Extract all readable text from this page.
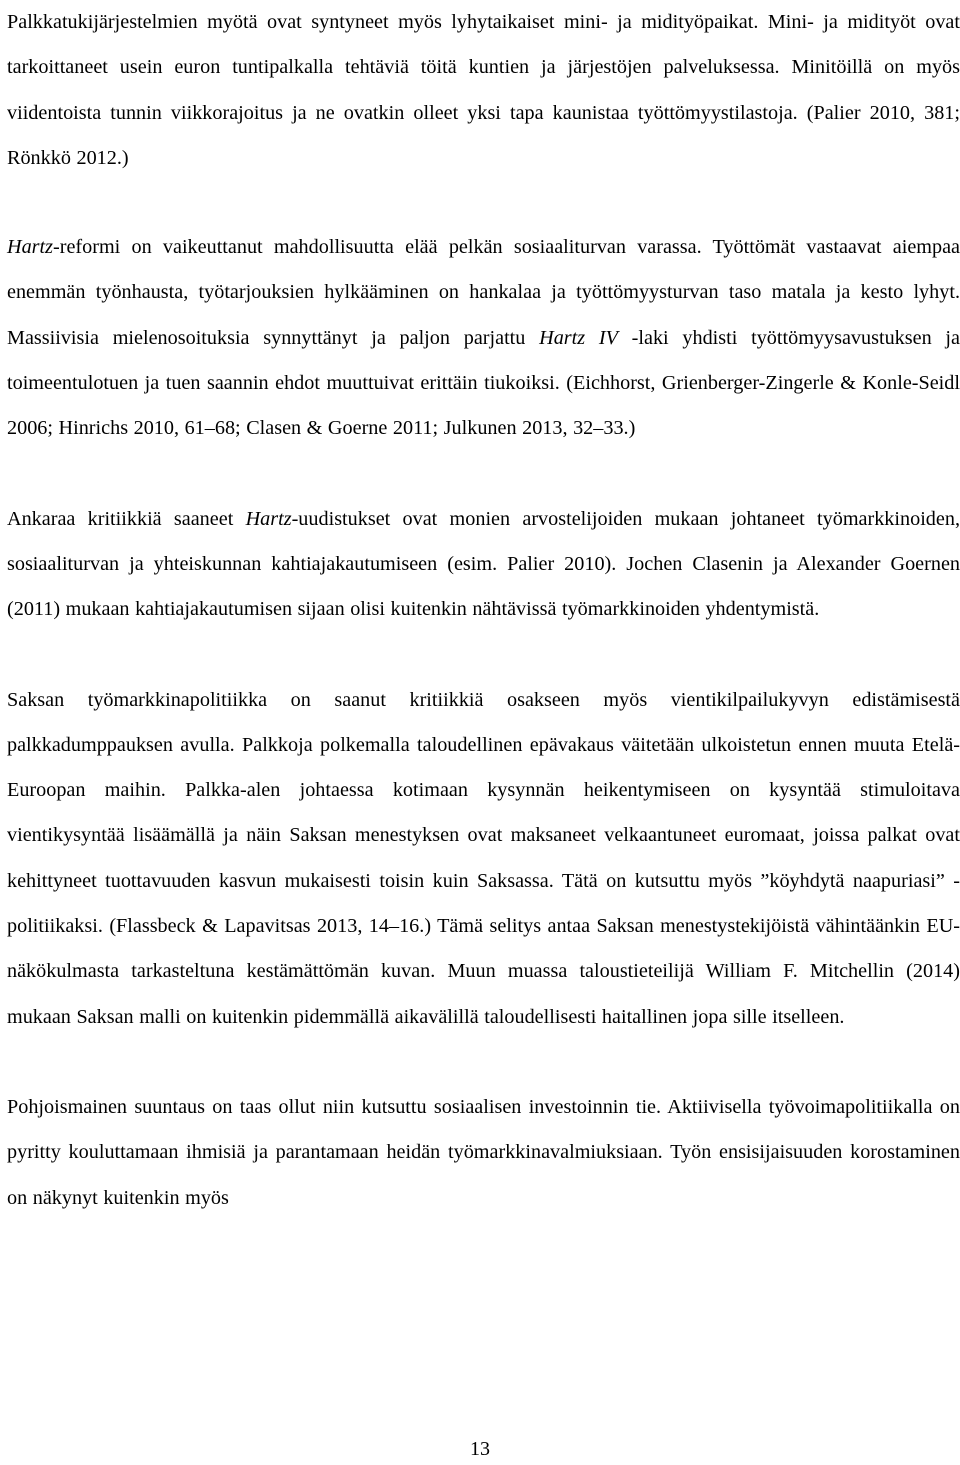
Palkkatukijärjestelmien myötä ovat syntyneet myös lyhytaikaiset mini- ja midityöpaikat. Mini- ja midityöt ovat tarkoittaneet usein euron tuntipalkalla tehtäviä töitä kuntien ja järjestöjen palveluksessa. Minitöillä on myös viidentoista tunnin viikkorajoitus ja ne ovatkin olleet yksi tapa kaunistaa työttömyystilastoja. (Palier 2010, 381; Rönkkö 2012.)

Hartz-reformi on vaikeuttanut mahdollisuutta elää pelkän sosiaaliturvan varassa. Työttömät vastaavat aiempaa enemmän työnhausta, työtarjouksien hylkääminen on hankalaa ja työttömyysturvan taso matala ja kesto lyhyt. Massiivisia mielenosoituksia synnyttänyt ja paljon parjattu Hartz IV -laki yhdisti työttömyysavustuksen ja toimeentulotuen ja tuen saannin ehdot muuttuivat erittäin tiukoiksi. (Eichhorst, Grienberger-Zingerle & Konle-Seidl 2006; Hinrichs 2010, 61–68; Clasen & Goerne 2011; Julkunen 2013, 32–33.)

Ankaraa kritiikkiä saaneet Hartz-uudistukset ovat monien arvostelijoiden mukaan johtaneet työmarkkinoiden, sosiaaliturvan ja yhteiskunnan kahtiajakautumiseen (esim. Palier 2010). Jochen Clasenin ja Alexander Goernen (2011) mukaan kahtiajakautumisen sijaan olisi kuitenkin nähtävissä työmarkkinoiden yhdentymistä.

Saksan työmarkkinapolitiikka on saanut kritiikkiä osakseen myös vientikilpailukyvyn edistämisestä palkkadumppauksen avulla. Palkkoja polkemalla taloudellinen epävakaus väitetään ulkoistetun ennen muuta Etelä-Euroopan maihin. Palkka-alen johtaessa kotimaan kysynnän heikentymiseen on kysyntää stimuloitava vientikysyntää lisäämällä ja näin Saksan menestyksen ovat maksaneet velkaantuneet euromaat, joissa palkat ovat kehittyneet tuottavuuden kasvun mukaisesti toisin kuin Saksassa. Tätä on kutsuttu myös ”köyhdytä naapuriasi” -politiikaksi. (Flassbeck & Lapavitsas 2013, 14–16.) Tämä selitys antaa Saksan menestystekijöistä vähintäänkin EU-näkökulmasta tarkasteltuna kestämättömän kuvan. Muun muassa taloustieteilijä William F. Mitchellin (2014) mukaan Saksan malli on kuitenkin pidemmällä aikavälillä taloudellisesti haitallinen jopa sille itselleen.

Pohjoismainen suuntaus on taas ollut niin kutsuttu sosiaalisen investoinnin tie. Aktiivisella työvoimapolitiikalla on pyritty kouluttamaan ihmisiä ja parantamaan heidän työmarkkinavalmiuksiaan. Työn ensisijaisuuden korostaminen on näkynyt kuitenkin myös

13
